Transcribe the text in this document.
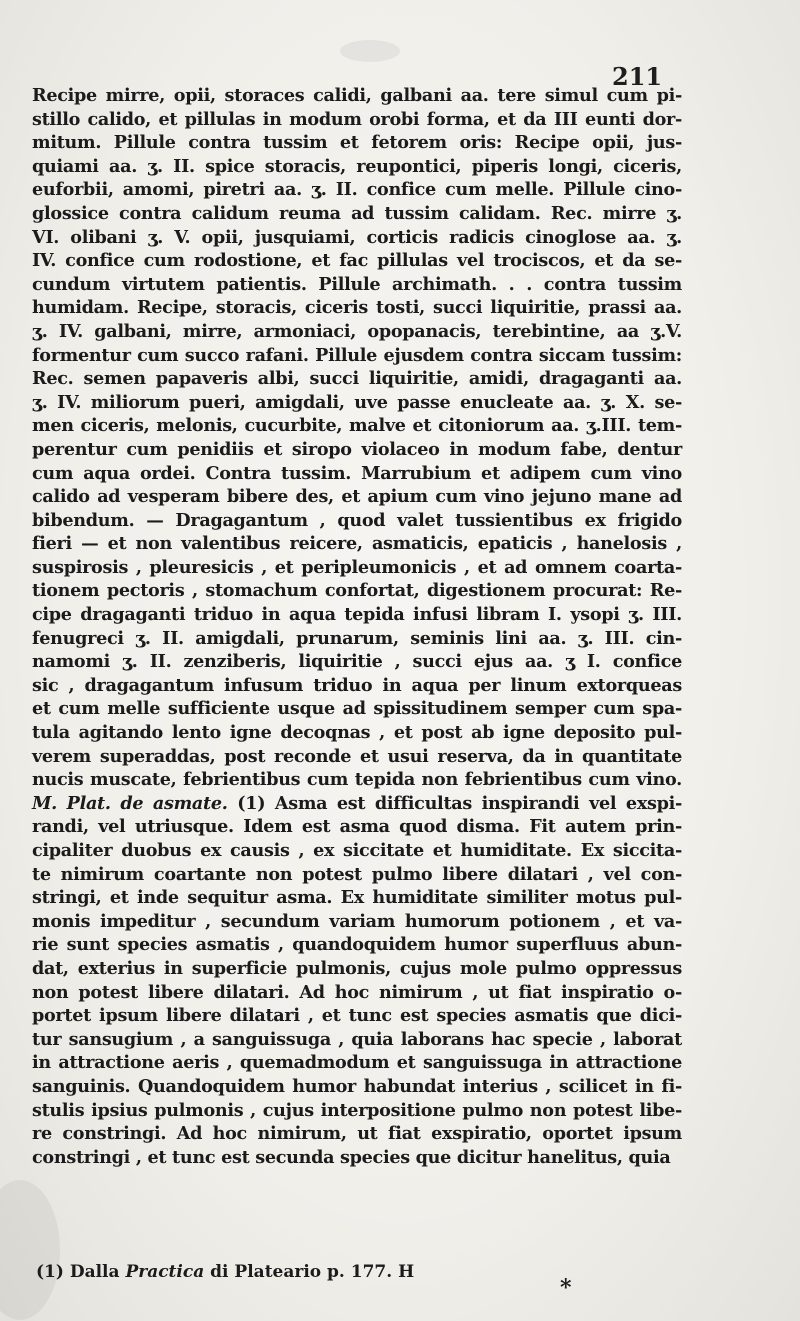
211
Recipe mirre, opii, storaces calidi, galbani aa. tere simul cum pi-
stillo calido, et pillulas in modum orobi forma, et da III eunti dor-
mitum. Pillule contra tussim et fetorem oris: Recipe opii, jus-
quiami aa. ʒ. II. spice storacis, reupontici, piperis longi, ciceris,
euforbii, amomi, piretri aa. ʒ. II. confice cum melle. Pillule cino-
glossice contra calidum reuma ad tussim calidam. Rec. mirre ʒ.
VI. olibani ʒ. V. opii, jusquiami, corticis radicis cinoglose aa. ʒ.
IV. confice cum rodostione, et fac pillulas vel trociscos, et da se-
cundum virtutem patientis. Pillule archimath. . . contra tussim
humidam. Recipe, storacis, ciceris tosti, succi liquiritie, prassi aa.
ʒ. IV. galbani, mirre, armoniaci, opopanacis, terebintine, aa ʒ.V.
formentur cum succo rafani. Pillule ejusdem contra siccam tussim:
Rec. semen papaveris albi, succi liquiritie, amidi, dragaganti aa.
ʒ. IV. miliorum pueri, amigdali, uve passe enucleate aa. ʒ. X. se-
men ciceris, melonis, cucurbite, malve et citoniorum aa. ʒ.III. tem-
perentur cum penidiis et siropo violaceo in modum fabe, dentur
cum aqua ordei. Contra tussim. Marrubium et adipem cum vino
calido ad vesperam bibere des, et apium cum vino jejuno mane ad
bibendum. — Dragagantum , quod valet tussientibus ex frigido
fieri — et non valentibus reicere, asmaticis, epaticis , hanelosis ,
suspirosis , pleuresicis , et peripleumonicis , et ad omnem coarta-
tionem pectoris , stomachum confortat, digestionem procurat: Re-
cipe dragaganti triduo in aqua tepida infusi libram I. ysopi ʒ. III.
fenugreci ʒ. II. amigdali, prunarum, seminis lini aa. ʒ. III. cin-
namomi ʒ. II. zenziberis, liquiritie , succi ejus aa. ʒ I. confice
sic , dragagantum infusum triduo in aqua per linum extorqueas
et cum melle sufficiente usque ad spissitudinem semper cum spa-
tula agitando lento igne decoqnas , et post ab igne deposito pul-
verem superaddas, post reconde et usui reserva, da in quantitate
nucis muscate, febrientibus cum tepida non febrientibus cum vino.
M. Plat. de asmate. (1) Asma est difficultas inspirandi vel exspi-
randi, vel utriusque. Idem est asma quod disma. Fit autem prin-
cipaliter duobus ex causis , ex siccitate et humiditate. Ex siccita-
te nimirum coartante non potest pulmo libere dilatari , vel con-
stringi, et inde sequitur asma. Ex humiditate similiter motus pul-
monis impeditur , secundum variam humorum potionem , et va-
rie sunt species asmatis , quandoquidem humor superfluus abun-
dat, exterius in superficie pulmonis, cujus mole pulmo oppressus
non potest libere dilatari. Ad hoc nimirum , ut fiat inspiratio o-
portet ipsum libere dilatari , et tunc est species asmatis que dici-
tur sansugium , a sanguissuga , quia laborans hac specie , laborat
in attractione aeris , quemadmodum et sanguissuga in attractione
sanguinis. Quandoquidem humor habundat interius , scilicet in fi-
stulis ipsius pulmonis , cujus interpositione pulmo non potest libe-
re constringi. Ad hoc nimirum, ut fiat exspiratio, oportet ipsum
constringi , et tunc est secunda species que dicitur hanelitus, quia
(1) Dalla Practica di Plateario p. 177. H
*
